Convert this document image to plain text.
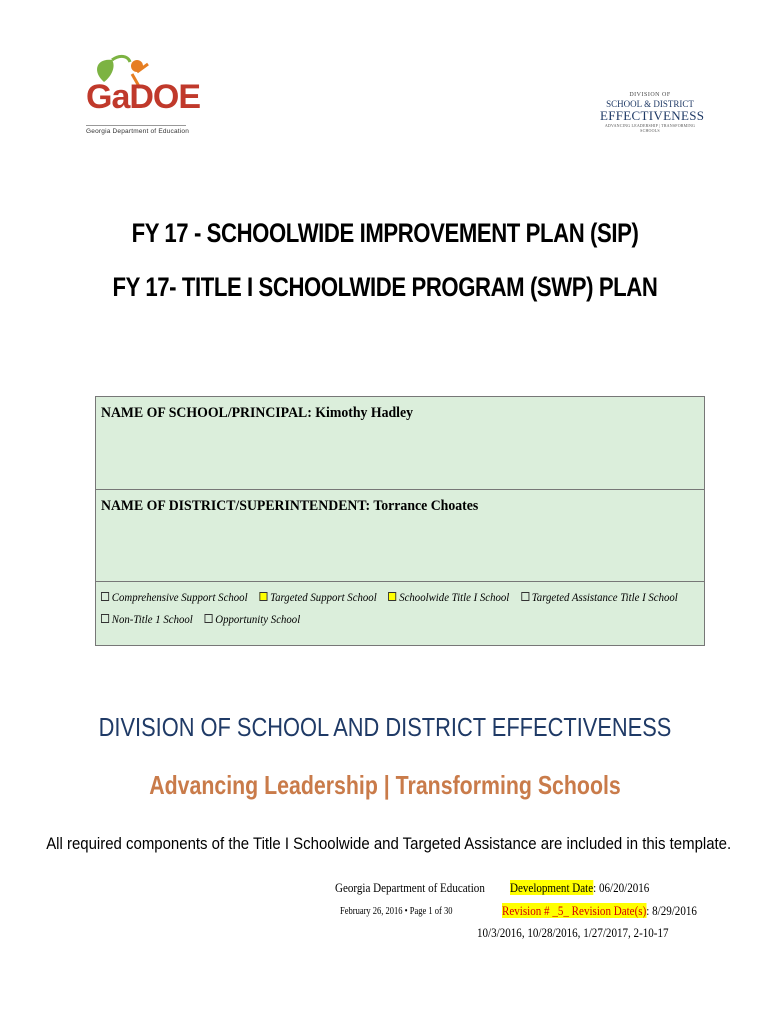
GaDOE
Georgia Department of Education
DIVISION OF
SCHOOL & DISTRICT
EFFECTIVENESS
ADVANCING LEADERSHIP | TRANSFORMING SCHOOLS
FY 17 - SCHOOLWIDE IMPROVEMENT PLAN (SIP)
FY 17- TITLE I SCHOOLWIDE PROGRAM (SWP) PLAN
NAME OF SCHOOL/PRINCIPAL: Kimothy Hadley
NAME OF DISTRICT/SUPERINTENDENT: Torrance Choates
Comprehensive Support School Targeted Support School Schoolwide Title I School Targeted Assistance Title I School
Non-Title 1 School Opportunity School
DIVISION OF SCHOOL AND DISTRICT EFFECTIVENESS
Advancing Leadership | Transforming Schools
All required components of the Title I Schoolwide and Targeted Assistance are included in this template.
Georgia Department of Education
February 26, 2016 • Page 1 of 30
Development Date: 06/20/2016
Revision # _5_ Revision Date(s): 8/29/2016
10/3/2016, 10/28/2016, 1/27/2017, 2-10-17
